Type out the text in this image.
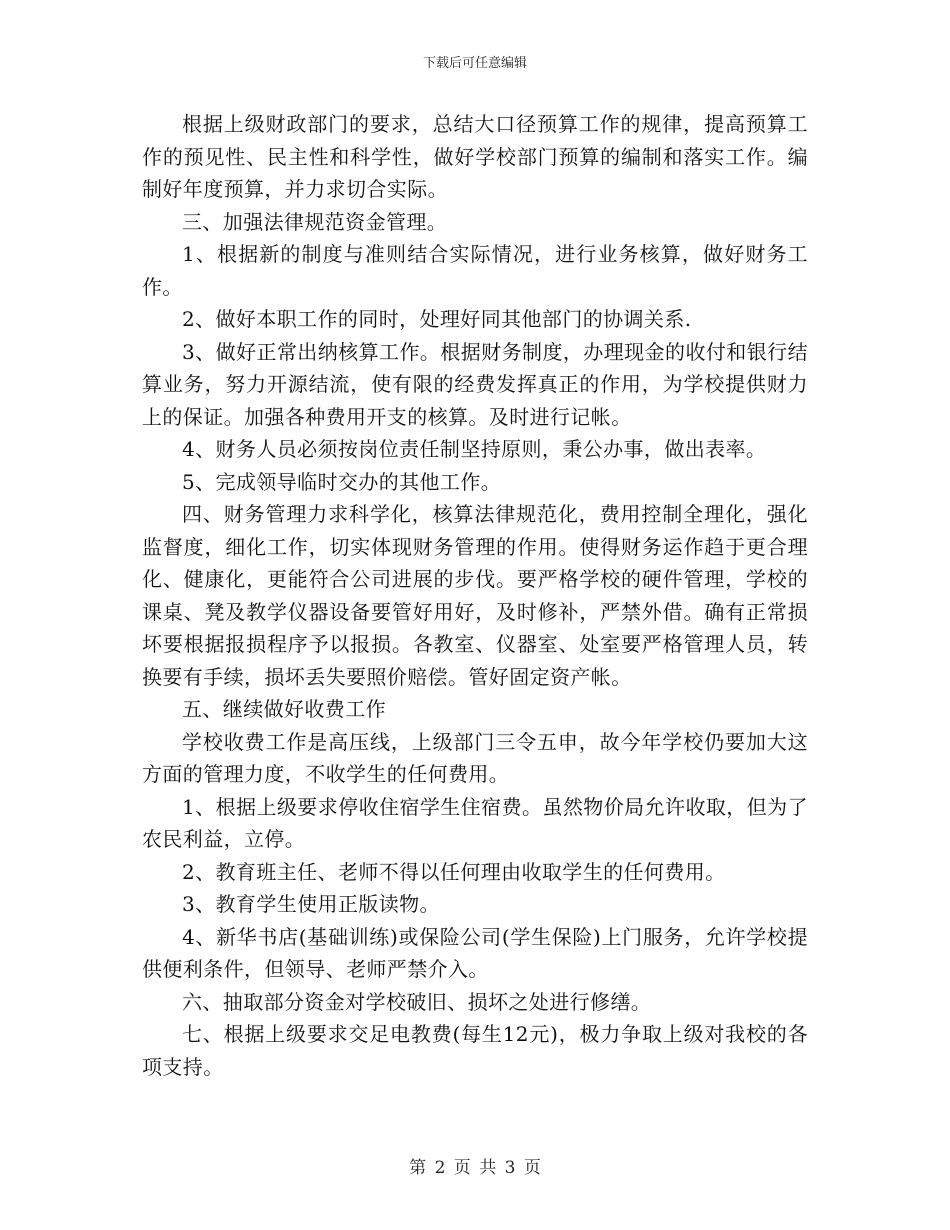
下载后可任意编辑

根据上级财政部门的要求，总结大口径预算工作的规律，提高预算工作的预见性、民主性和科学性，做好学校部门预算的编制和落实工作。编制好年度预算，并力求切合实际。

三、加强法律规范资金管理。

1、根据新的制度与准则结合实际情况，进行业务核算，做好财务工作。

2、做好本职工作的同时，处理好同其他部门的协调关系.

3、做好正常出纳核算工作。根据财务制度，办理现金的收付和银行结算业务，努力开源结流，使有限的经费发挥真正的作用，为学校提供财力上的保证。加强各种费用开支的核算。及时进行记帐。

4、财务人员必须按岗位责任制坚持原则，秉公办事，做出表率。

5、完成领导临时交办的其他工作。

四、财务管理力求科学化，核算法律规范化，费用控制全理化，强化监督度，细化工作，切实体现财务管理的作用。使得财务运作趋于更合理化、健康化，更能符合公司进展的步伐。要严格学校的硬件管理，学校的课桌、凳及教学仪器设备要管好用好，及时修补，严禁外借。确有正常损坏要根据报损程序予以报损。各教室、仪器室、处室要严格管理人员，转换要有手续，损坏丢失要照价赔偿。管好固定资产帐。

五、继续做好收费工作

学校收费工作是高压线，上级部门三令五申，故今年学校仍要加大这方面的管理力度，不收学生的任何费用。

1、根据上级要求停收住宿学生住宿费。虽然物价局允许收取，但为了农民利益，立停。

2、教育班主任、老师不得以任何理由收取学生的任何费用。

3、教育学生使用正版读物。

4、新华书店(基础训练)或保险公司(学生保险)上门服务，允许学校提供便利条件，但领导、老师严禁介入。

六、抽取部分资金对学校破旧、损坏之处进行修缮。

七、根据上级要求交足电教费(每生12元)，极力争取上级对我校的各项支持。

第 2 页 共 3 页
